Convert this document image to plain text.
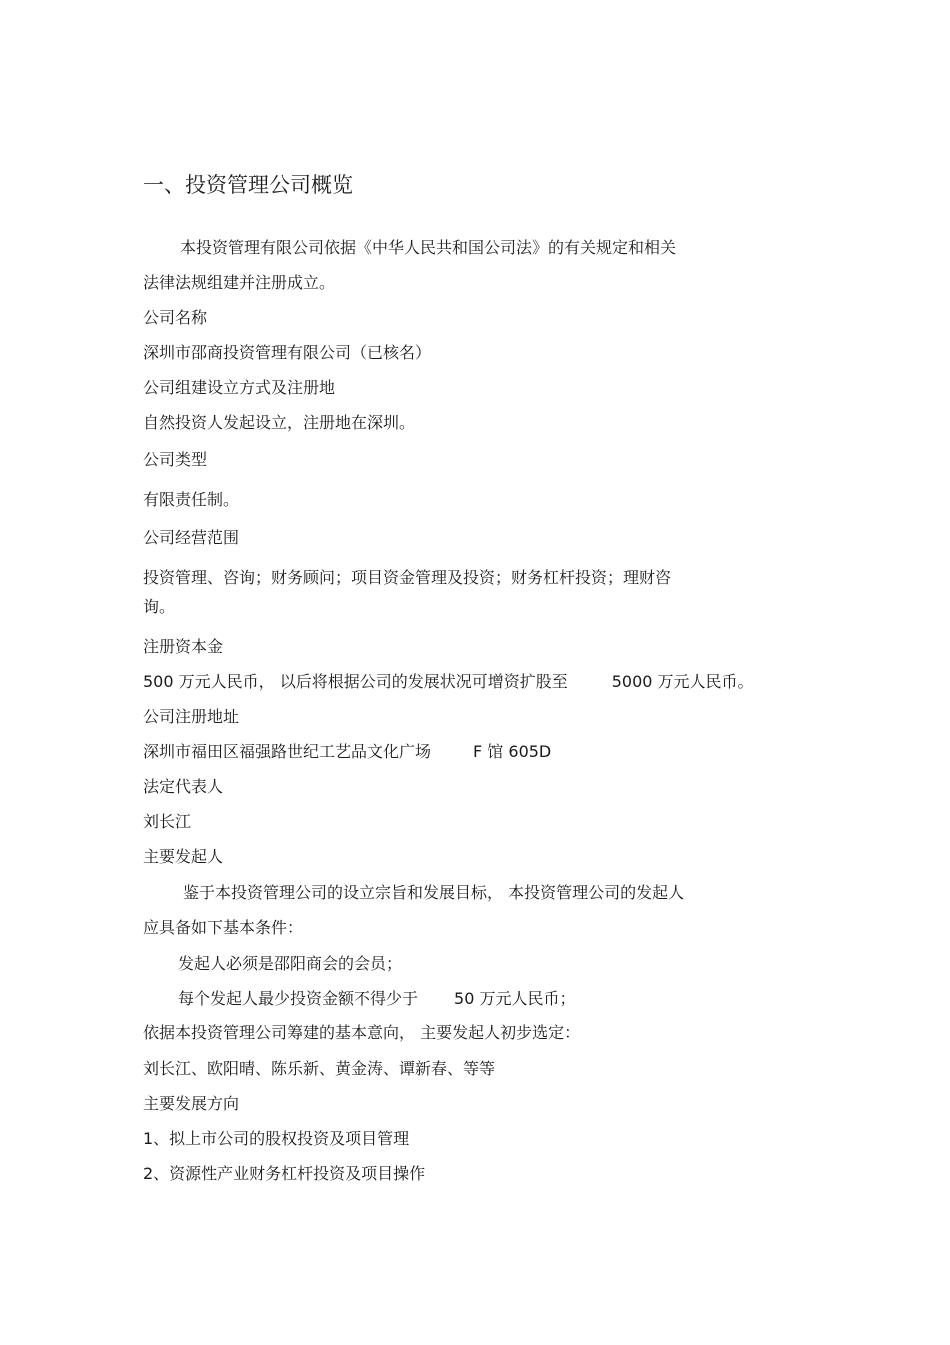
一、投资管理公司概览
本投资管理有限公司依据《中华人民共和国公司法》的有关规定和相关
法律法规组建并注册成立。
公司名称
深圳市邵商投资管理有限公司（已核名）
公司组建设立方式及注册地
自然投资人发起设立，注册地在深圳。
公司类型
有限责任制。
公司经营范围
投资管理、咨询；财务顾问；项目资金管理及投资；财务杠杆投资；理财咨
询。
注册资本金
500 万元人民币， 以后将根据公司的发展状况可增资扩股至	5000 万元人民币。
公司注册地址
深圳市福田区福强路世纪工艺品文化广场	F 馆 605D
法定代表人
刘长江
主要发起人
鉴于本投资管理公司的设立宗旨和发展目标， 本投资管理公司的发起人
应具备如下基本条件：
发起人必须是邵阳商会的会员；
每个发起人最少投资金额不得少于 50 万元人民币；
依据本投资管理公司筹建的基本意向， 主要发起人初步选定：
刘长江、欧阳晴、陈乐新、黄金涛、谭新春、等等
主要发展方向
1、拟上市公司的股权投资及项目管理
2、资源性产业财务杠杆投资及项目操作
